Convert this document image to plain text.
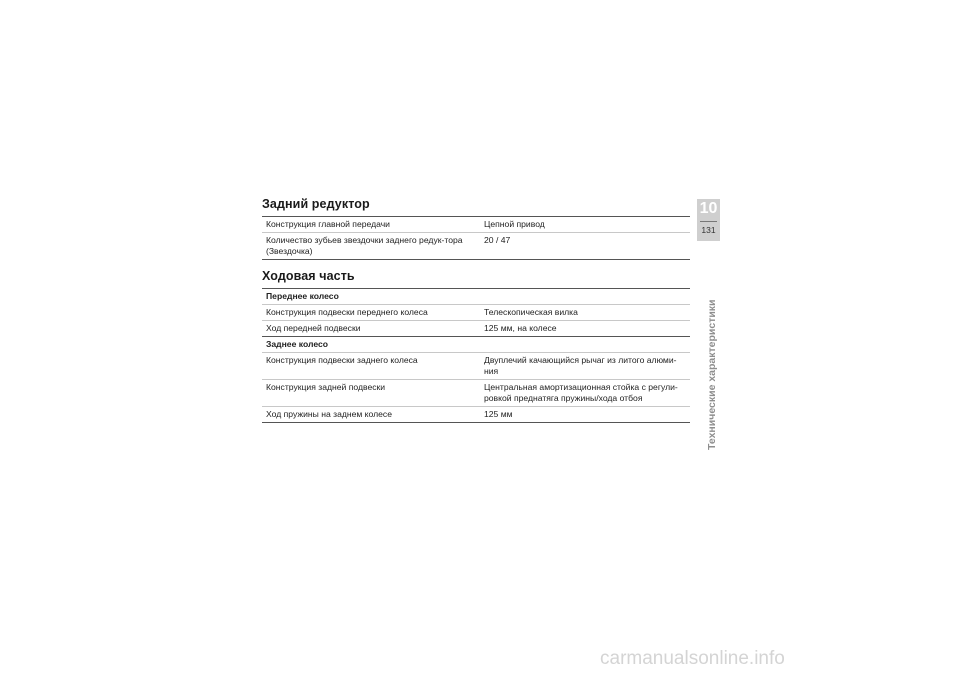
Задний редуктор
Конструкция главной передачи	Цепной привод
Количество зубьев звездочки заднего редук-тора (Звездочка)	20 / 47
Ходовая часть
Переднее колесо	
Конструкция подвески переднего колеса	Телескопическая вилка
Ход передней подвески	125 мм, на колесе
Заднее колесо	
Конструкция подвески заднего колеса	Двуплечий качающийся рычаг из литого алюми-ния
Конструкция задней подвески	Центральная амортизационная стойка с регули-ровкой преднатяга пружины/хода отбоя
Ход пружины на заднем колесе	125 мм
10
131
Технические характеристики
carmanualsonline.info
